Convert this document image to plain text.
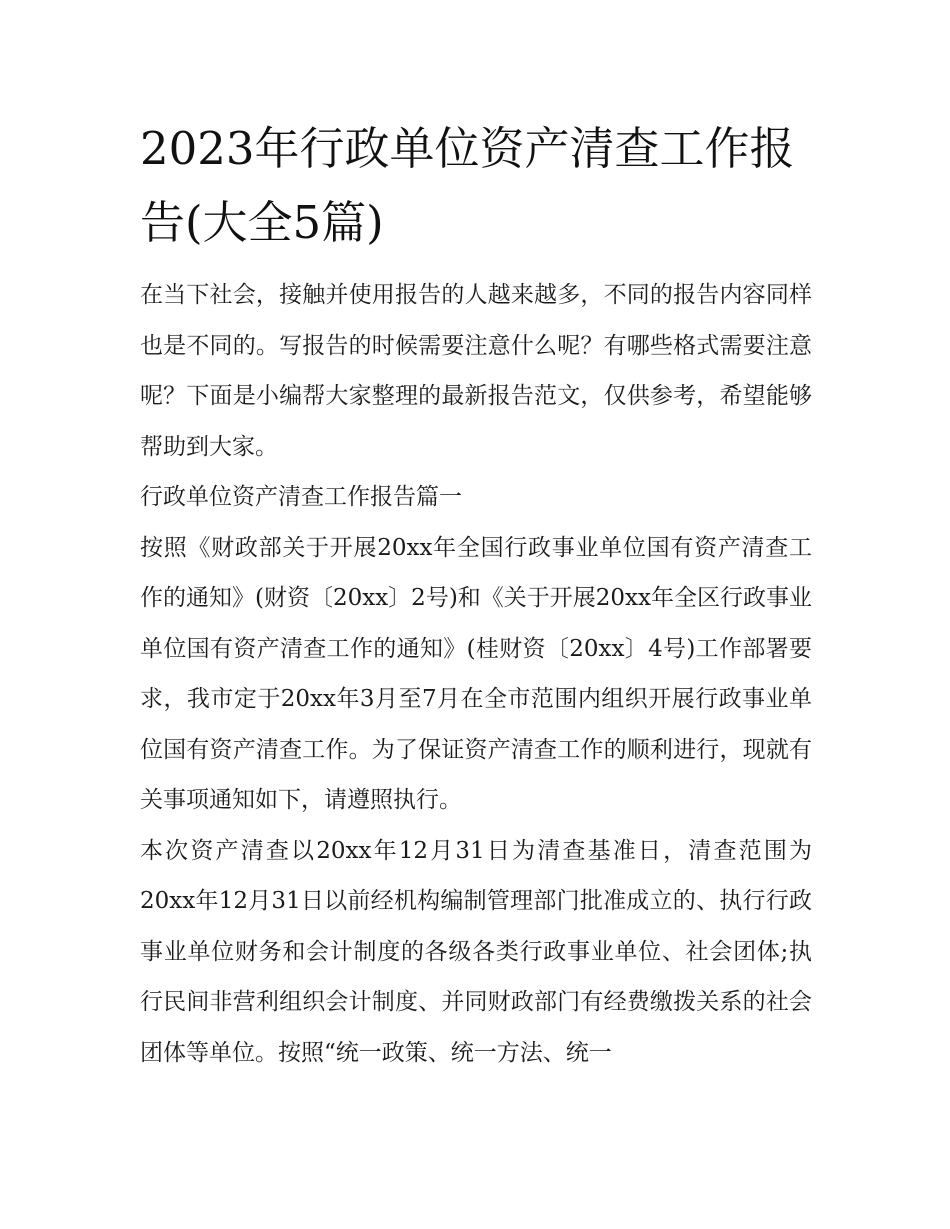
2023年行政单位资产清查工作报告(大全5篇)

在当下社会，接触并使用报告的人越来越多，不同的报告内容同样也是不同的。写报告的时候需要注意什么呢？有哪些格式需要注意呢？下面是小编帮大家整理的最新报告范文，仅供参考，希望能够帮助到大家。

行政单位资产清查工作报告篇一

按照《财政部关于开展20xx年全国行政事业单位国有资产清查工作的通知》(财资〔20xx〕2号)和《关于开展20xx年全区行政事业单位国有资产清查工作的通知》(桂财资〔20xx〕4号)工作部署要求，我市定于20xx年3月至7月在全市范围内组织开展行政事业单位国有资产清查工作。为了保证资产清查工作的顺利进行，现就有关事项通知如下，请遵照执行。

本次资产清查以20xx年12月31日为清查基准日，清查范围为20xx年12月31日以前经机构编制管理部门批准成立的、执行行政事业单位财务和会计制度的各级各类行政事业单位、社会团体;执行民间非营利组织会计制度、并同财政部门有经费缴拨关系的社会团体等单位。按照“统一政策、统一方法、统一
